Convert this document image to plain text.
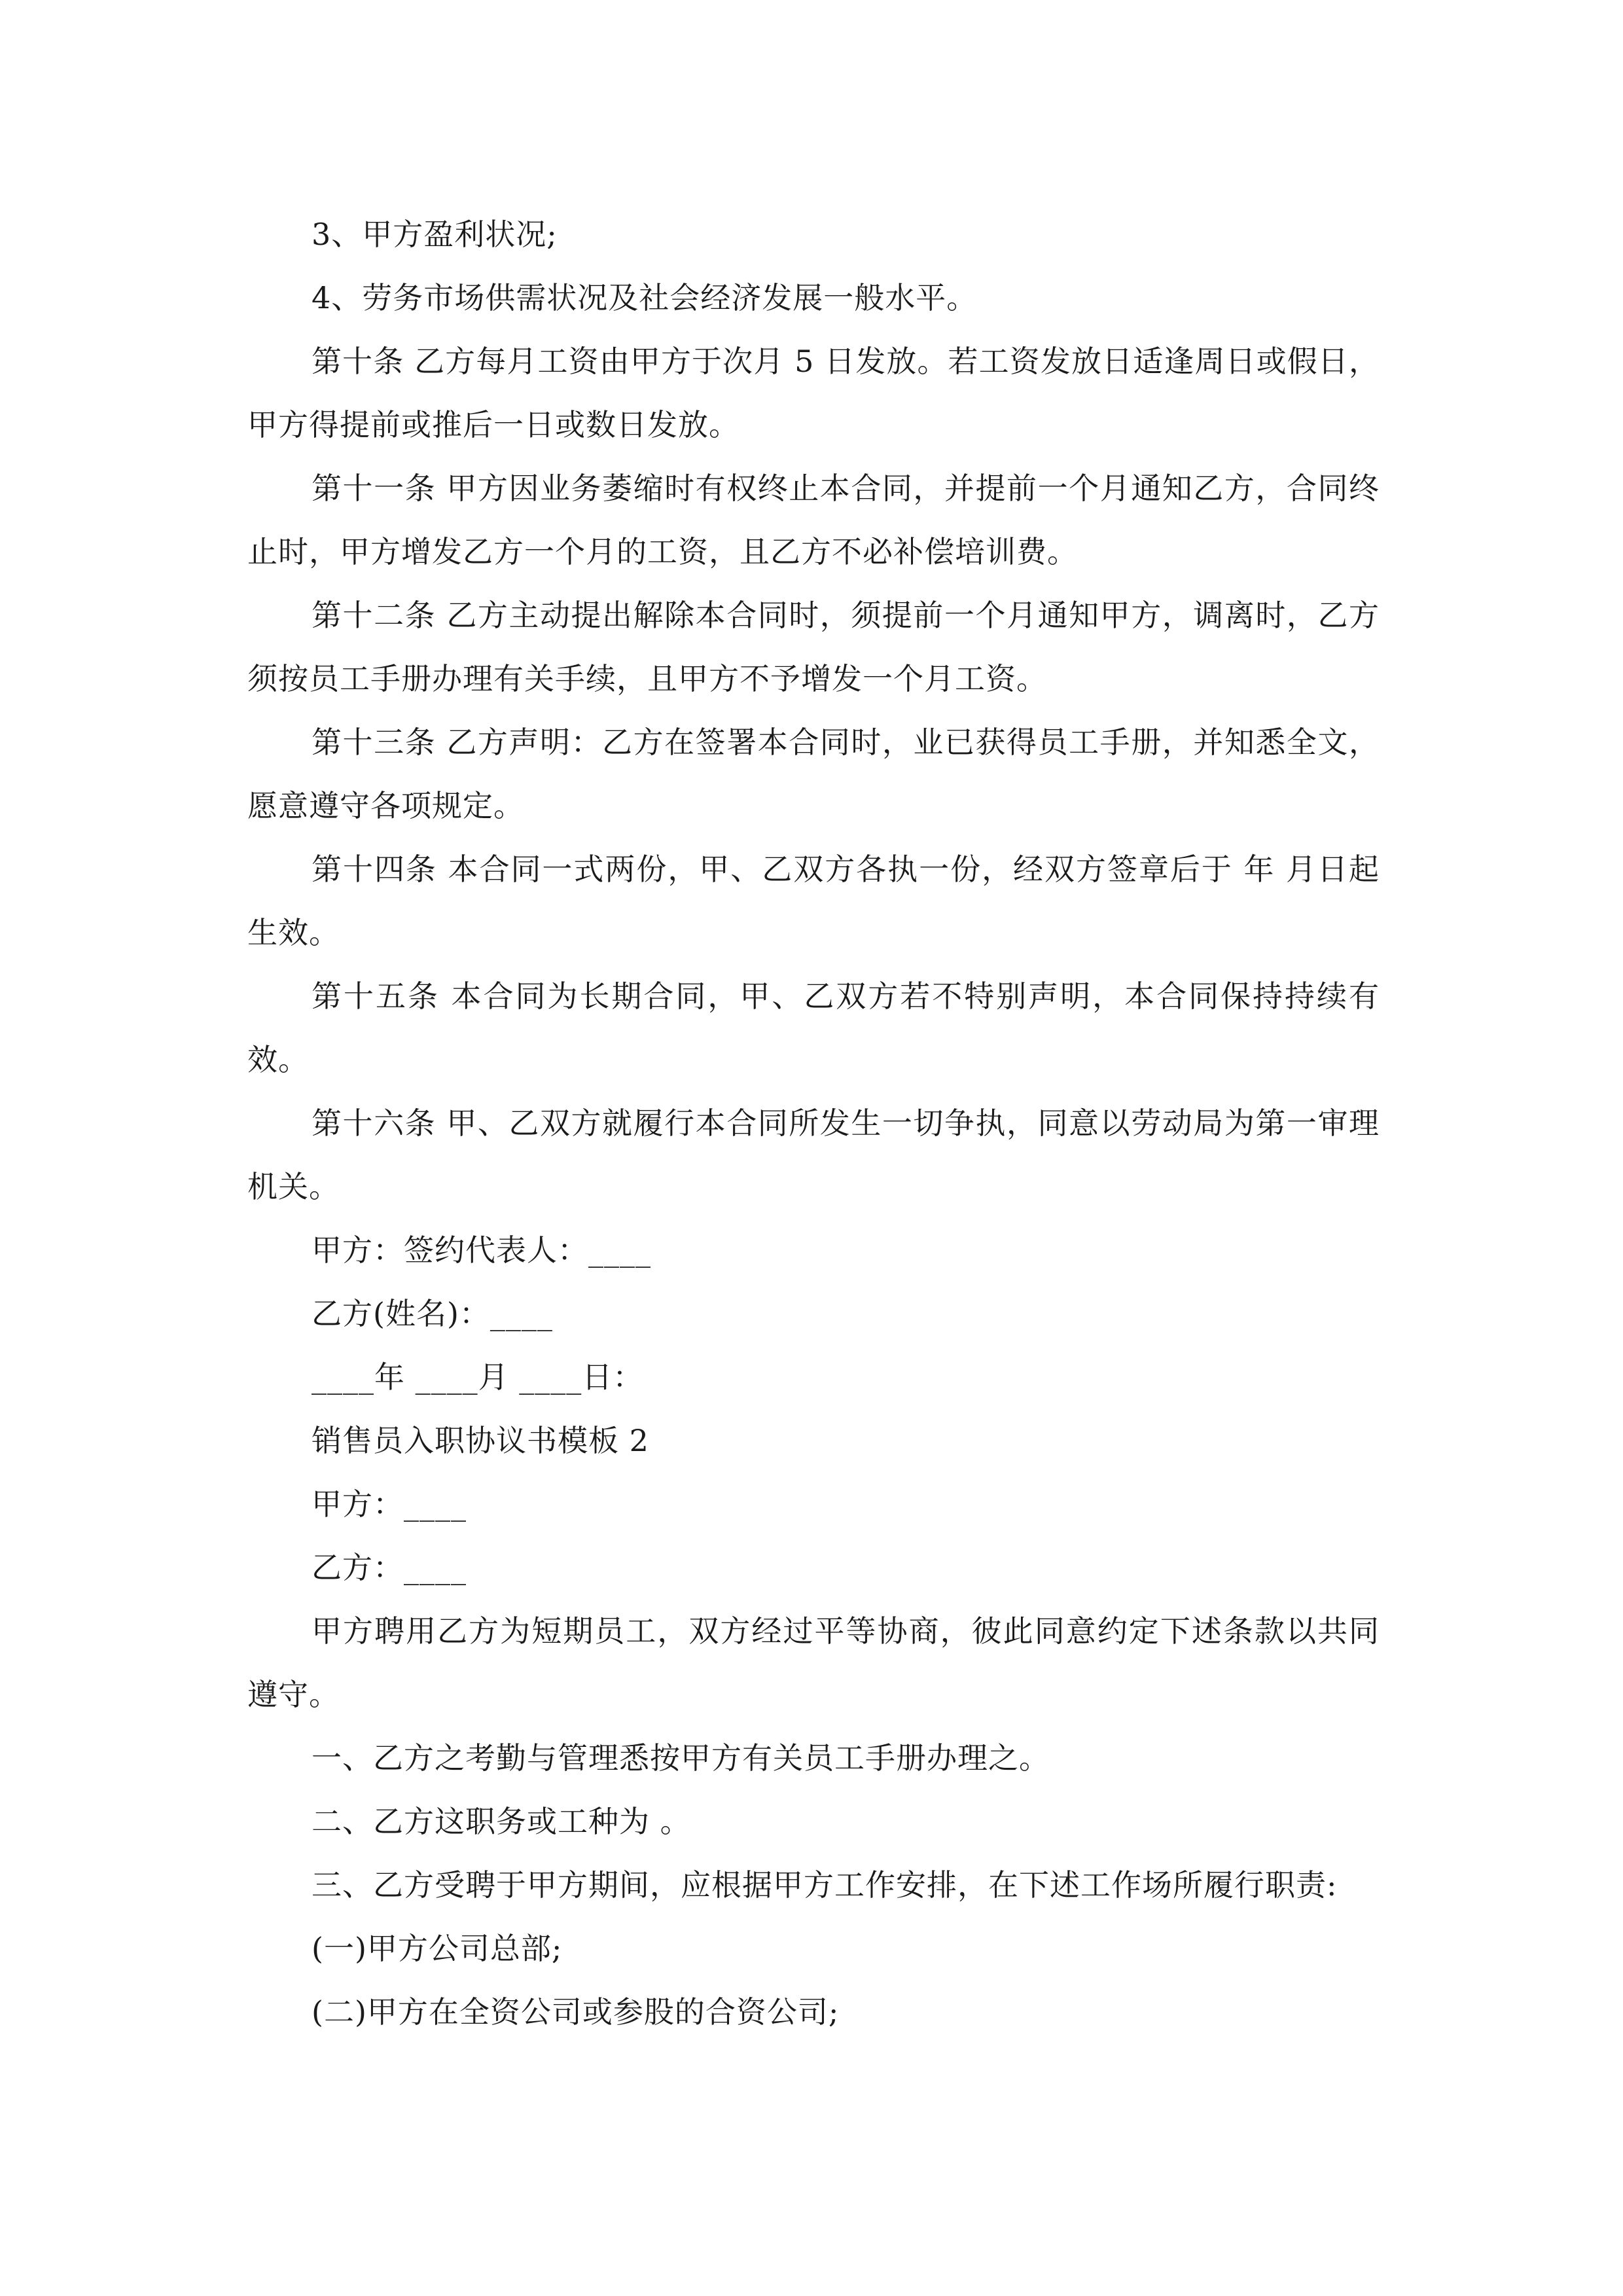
3、甲方盈利状况;

4、劳务市场供需状况及社会经济发展一般水平。

第十条 乙方每月工资由甲方于次月 5 日发放。若工资发放日适逢周日或假日，甲方得提前或推后一日或数日发放。

第十一条 甲方因业务萎缩时有权终止本合同，并提前一个月通知乙方，合同终止时，甲方增发乙方一个月的工资，且乙方不必补偿培训费。

第十二条 乙方主动提出解除本合同时，须提前一个月通知甲方，调离时，乙方须按员工手册办理有关手续，且甲方不予增发一个月工资。

第十三条 乙方声明：乙方在签署本合同时，业已获得员工手册，并知悉全文，愿意遵守各项规定。

第十四条 本合同一式两份，甲、乙双方各执一份，经双方签章后于 年 月日起生效。

第十五条 本合同为长期合同，甲、乙双方若不特别声明，本合同保持持续有效。

第十六条 甲、乙双方就履行本合同所发生一切争执，同意以劳动局为第一审理机关。

甲方：签约代表人：____

乙方(姓名)：____

____年 ____月 ____日：

销售员入职协议书模板 2

甲方：____

乙方：____

甲方聘用乙方为短期员工，双方经过平等协商，彼此同意约定下述条款以共同遵守。

一、乙方之考勤与管理悉按甲方有关员工手册办理之。

二、乙方这职务或工种为 。

三、乙方受聘于甲方期间，应根据甲方工作安排，在下述工作场所履行职责:

(一)甲方公司总部;

(二)甲方在全资公司或参股的合资公司;
